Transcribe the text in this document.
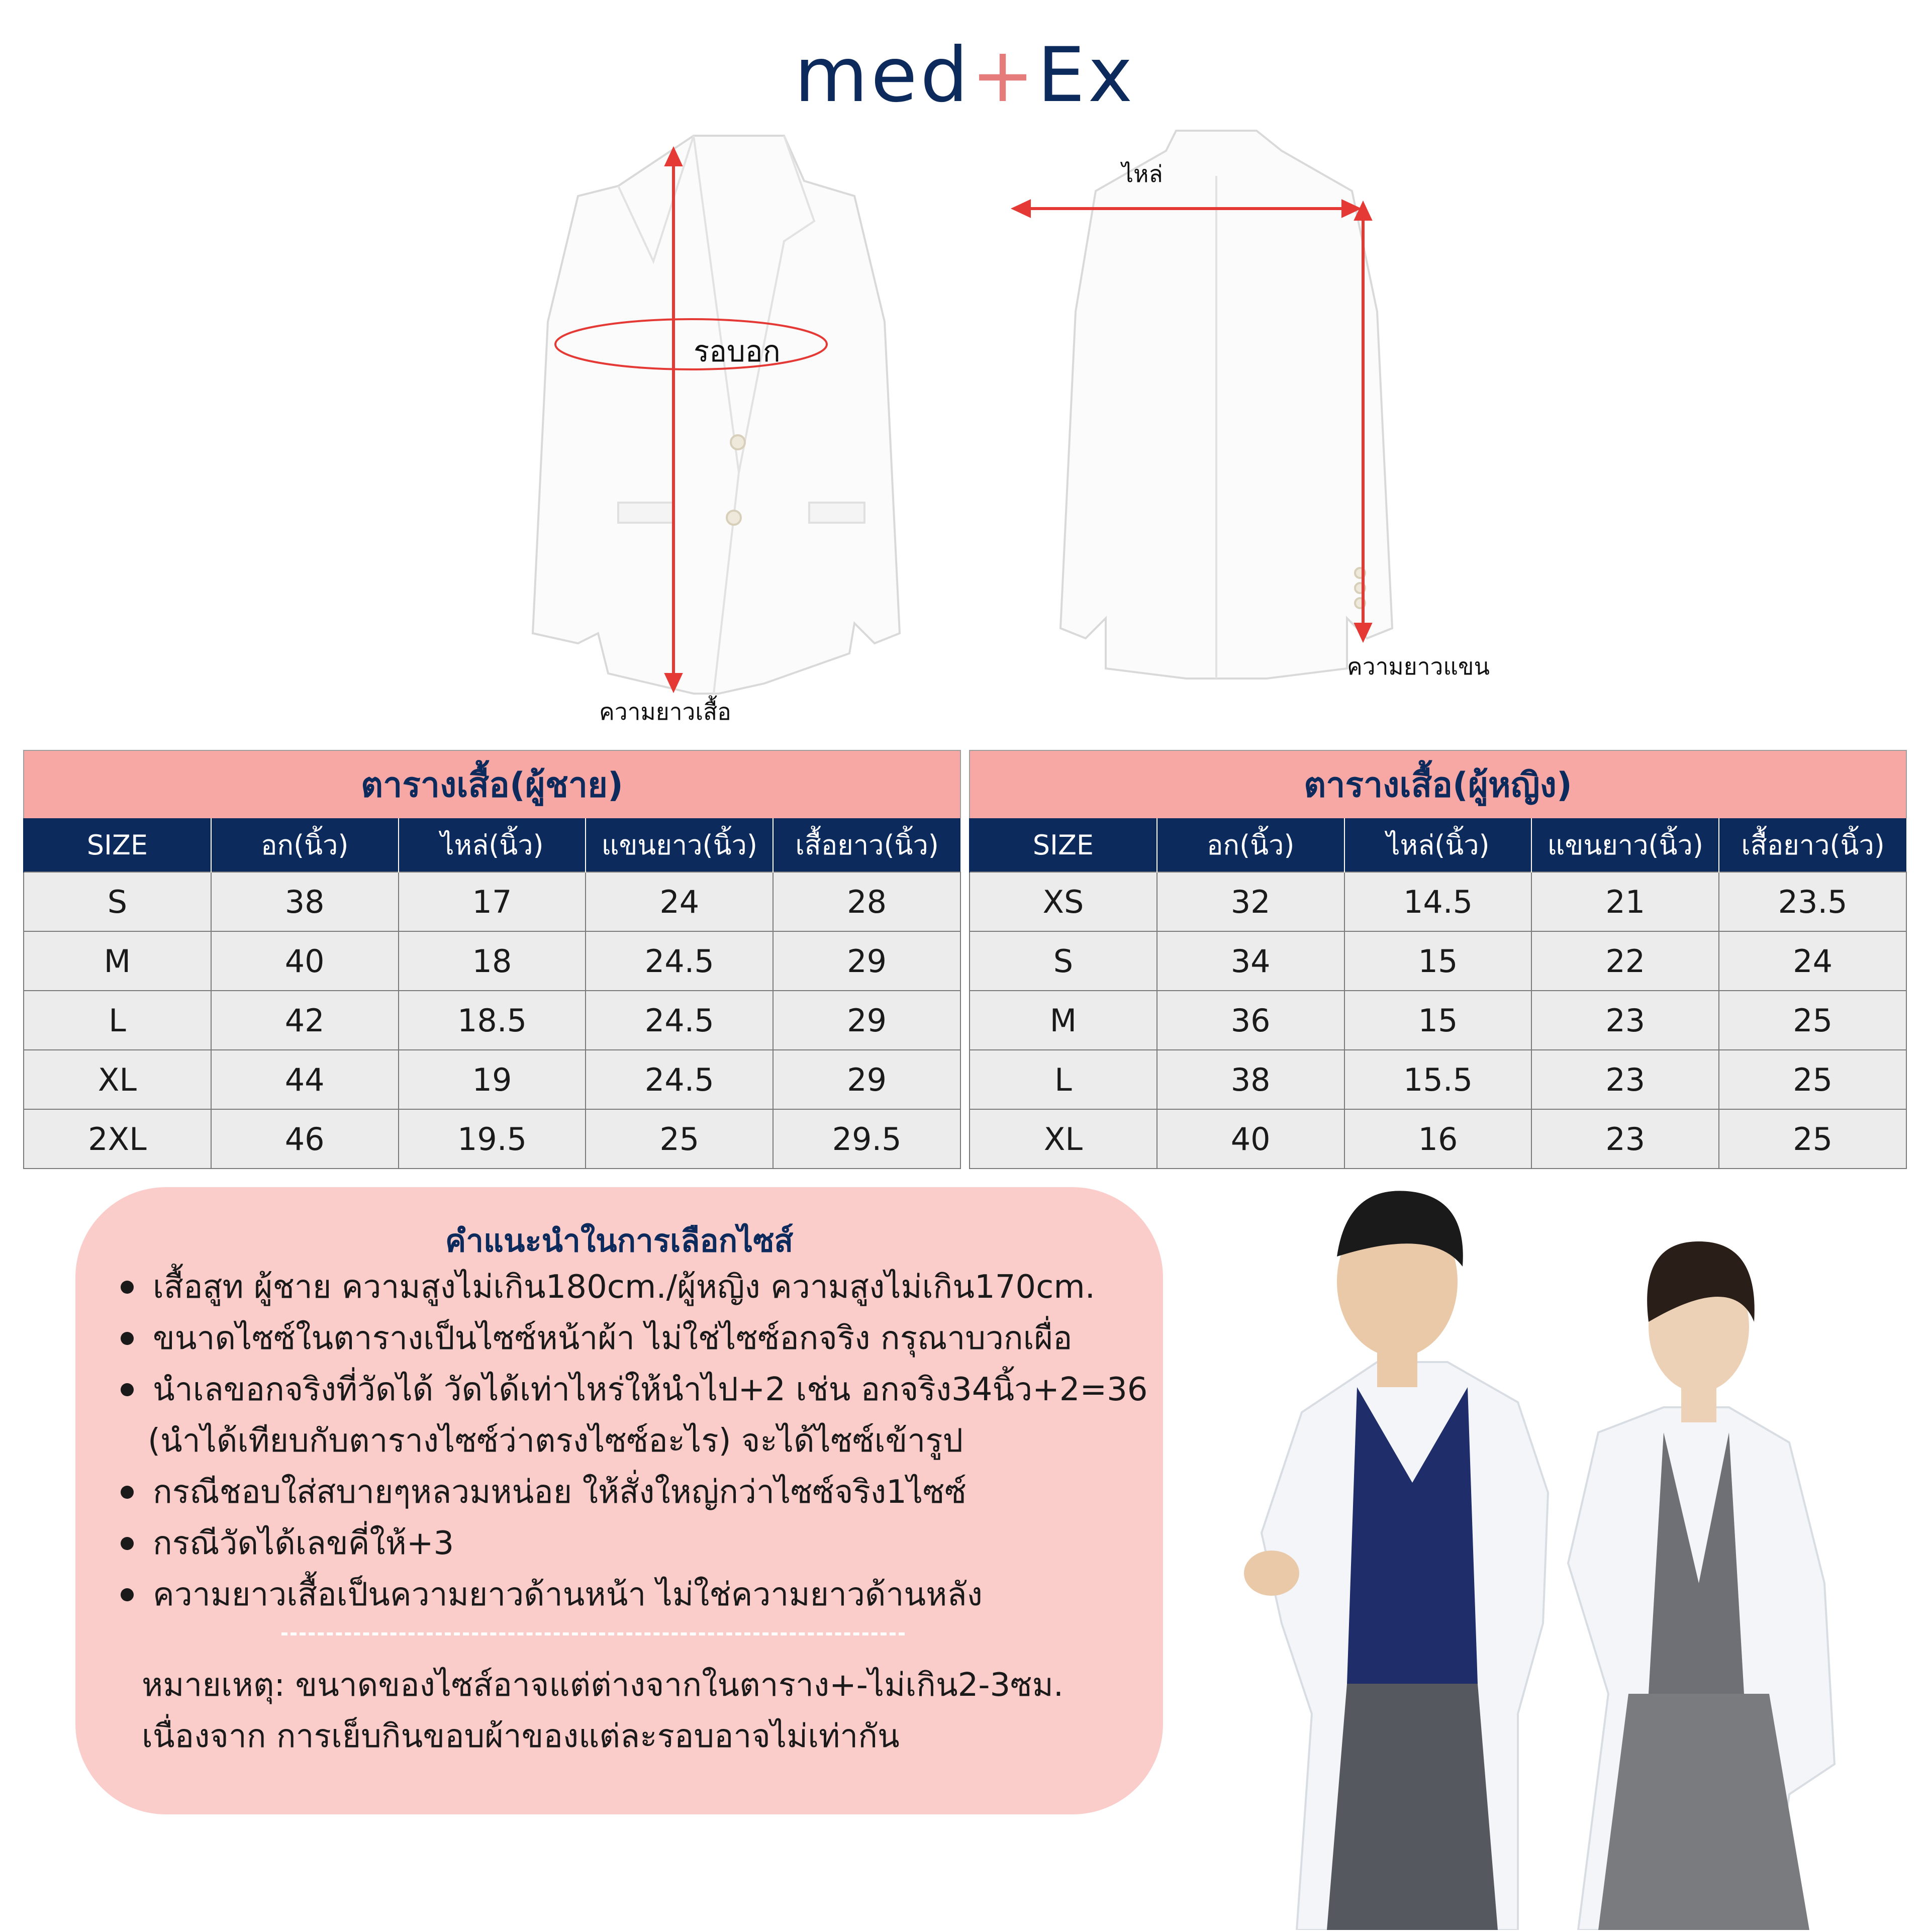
med+Ex
รอบอก
ไหล่
ความยาวเสื้อ
ความยาวแขน
ตารางเสื้อ(ผู้ชาย)
SIZE	อก(นิ้ว)	ไหล่(นิ้ว)	แขนยาว(นิ้ว)	เสื้อยาว(นิ้ว)
S	38	17	24	28
M	40	18	24.5	29
L	42	18.5	24.5	29
XL	44	19	24.5	29
2XL	46	19.5	25	29.5
ตารางเสื้อ(ผู้หญิง)
SIZE	อก(นิ้ว)	ไหล่(นิ้ว)	แขนยาว(นิ้ว)	เสื้อยาว(นิ้ว)
XS	32	14.5	21	23.5
S	34	15	22	24
M	36	15	23	25
L	38	15.5	23	25
XL	40	16	23	25
คำแนะนำในการเลือกไซส์
เสื้อสูท ผู้ชาย ความสูงไม่เกิน180cm./ผู้หญิง ความสูงไม่เกิน170cm.
ขนาดไซซ์ในตารางเป็นไซซ์หน้าผ้า ไม่ใช่ไซซ์อกจริง กรุณาบวกเผื่อ
นำเลขอกจริงที่วัดได้ วัดได้เท่าไหร่ให้นำไป+2 เช่น อกจริง34นิ้ว+2=36
(นำได้เทียบกับตารางไซซ์ว่าตรงไซซ์อะไร) จะได้ไซซ์เข้ารูป
กรณีชอบใส่สบายๆหลวมหน่อย ให้สั่งใหญ่กว่าไซซ์จริง1ไซซ์
กรณีวัดได้เลขคี่ให้+3
ความยาวเสื้อเป็นความยาวด้านหน้า ไม่ใช่ความยาวด้านหลัง
หมายเหตุ: ขนาดของไซส์อาจแต่ต่างจากในตาราง+-ไม่เกิน2-3ซม.
เนื่องจาก การเย็บกินขอบผ้าของแต่ละรอบอาจไม่เท่ากัน
